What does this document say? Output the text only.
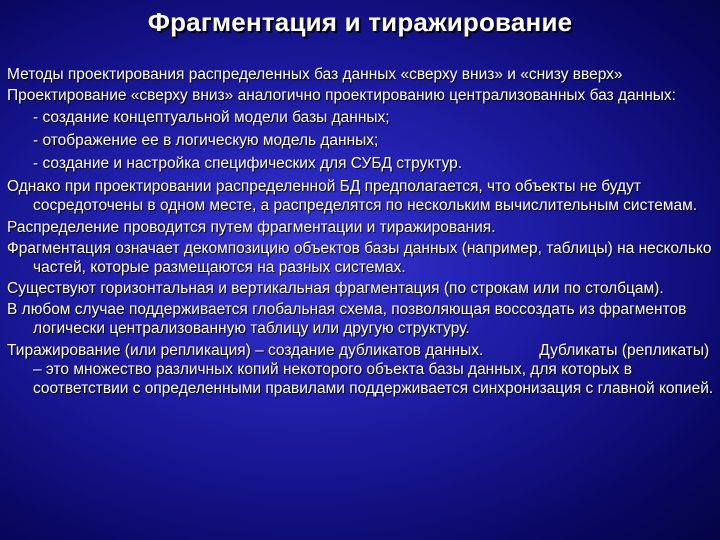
Фрагментация и тиражирование

Методы проектирования распределенных баз данных «сверху вниз» и «снизу вверх»

Проектирование «сверху вниз» аналогично проектированию централизованных баз данных:

- создание концептуальной модели базы данных;

- отображение ее в логическую модель данных;

- создание и настройка специфических для СУБД структур.

Однако при проектировании распределенной БД предполагается, что объекты не будут сосредоточены в одном месте, а распределятся по нескольким вычислительным системам.

Распределение проводится путем фрагментации и тиражирования.

Фрагментация означает декомпозицию объектов базы данных (например, таблицы) на несколько частей, которые размещаются на разных системах.

Существуют горизонтальная и вертикальная фрагментация (по строкам или по столбцам).

В любом случае поддерживается глобальная схема, позволяющая воссоздать из фрагментов логически централизованную таблицу или другую структуру.

Тиражирование (или репликация) – создание дубликатов данных.             Дубликаты (репликаты) – это множество различных копий некоторого объекта базы данных, для которых в соответствии с определенными правилами поддерживается синхронизация с главной копией.
